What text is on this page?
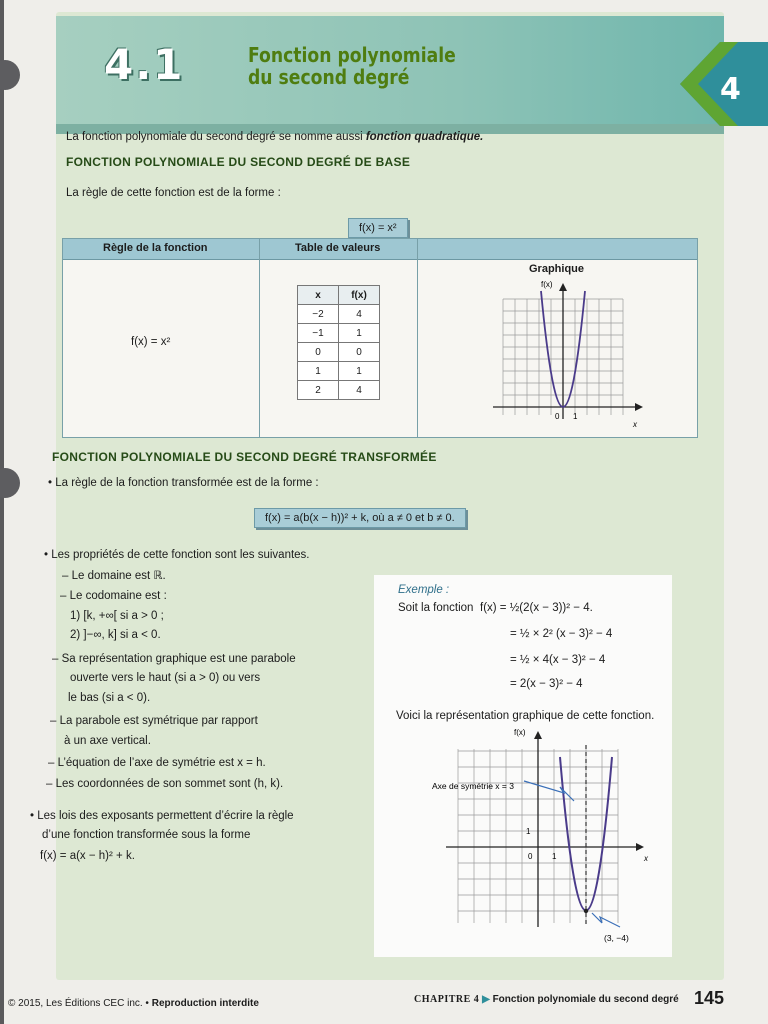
4.1	Fonction polynomiale
du second degré	4
La fonction polynomiale du second degré se nomme aussi fonction quadratique.
FONCTION POLYNOMIALE DU SECOND DEGRÉ DE BASE
La règle de cette fonction est de la forme :
f(x) = x²
Règle de la fonction	Table de valeurs
Graphique
f(x) = x²
x	f(x)
−2	4
−1	1
0	0
1	1
2	4
f(x)
x
0 1
FONCTION POLYNOMIALE DU SECOND DEGRÉ TRANSFORMÉE
• La règle de la fonction transformée est de la forme :
f(x) = a(b(x − h))² + k, où a ≠ 0 et b ≠ 0.
• Les propriétés de cette fonction sont les suivantes.
– Le domaine est ℝ.
– Le codomaine est :
1) [k, +∞[ si a > 0 ;
2) ]−∞, k] si a < 0.
– Sa représentation graphique est une parabole
ouverte vers le haut (si a > 0) ou vers
le bas (si a < 0).
– La parabole est symétrique par rapport
à un axe vertical.
– L’équation de l’axe de symétrie est x = h.
– Les coordonnées de son sommet sont (h, k).
• Les lois des exposants permettent d’écrire la règle
d’une fonction transformée sous la forme
f(x) = a(x − h)² + k.
Exemple :
Soit la fonction f(x) = ½(2(x − 3))² − 4.
= ½ × 2² (x − 3)² − 4
= ½ × 4(x − 3)² − 4
= 2(x − 3)² − 4
Voici la représentation graphique de cette fonction.
f(x)
x
0 1
1
Axe de symétrie x = 3
(3, −4)
© 2015, Les Éditions CEC inc. • Reproduction interdite	CHAPITRE 4 ▶ Fonction polynomiale du second degré 145
